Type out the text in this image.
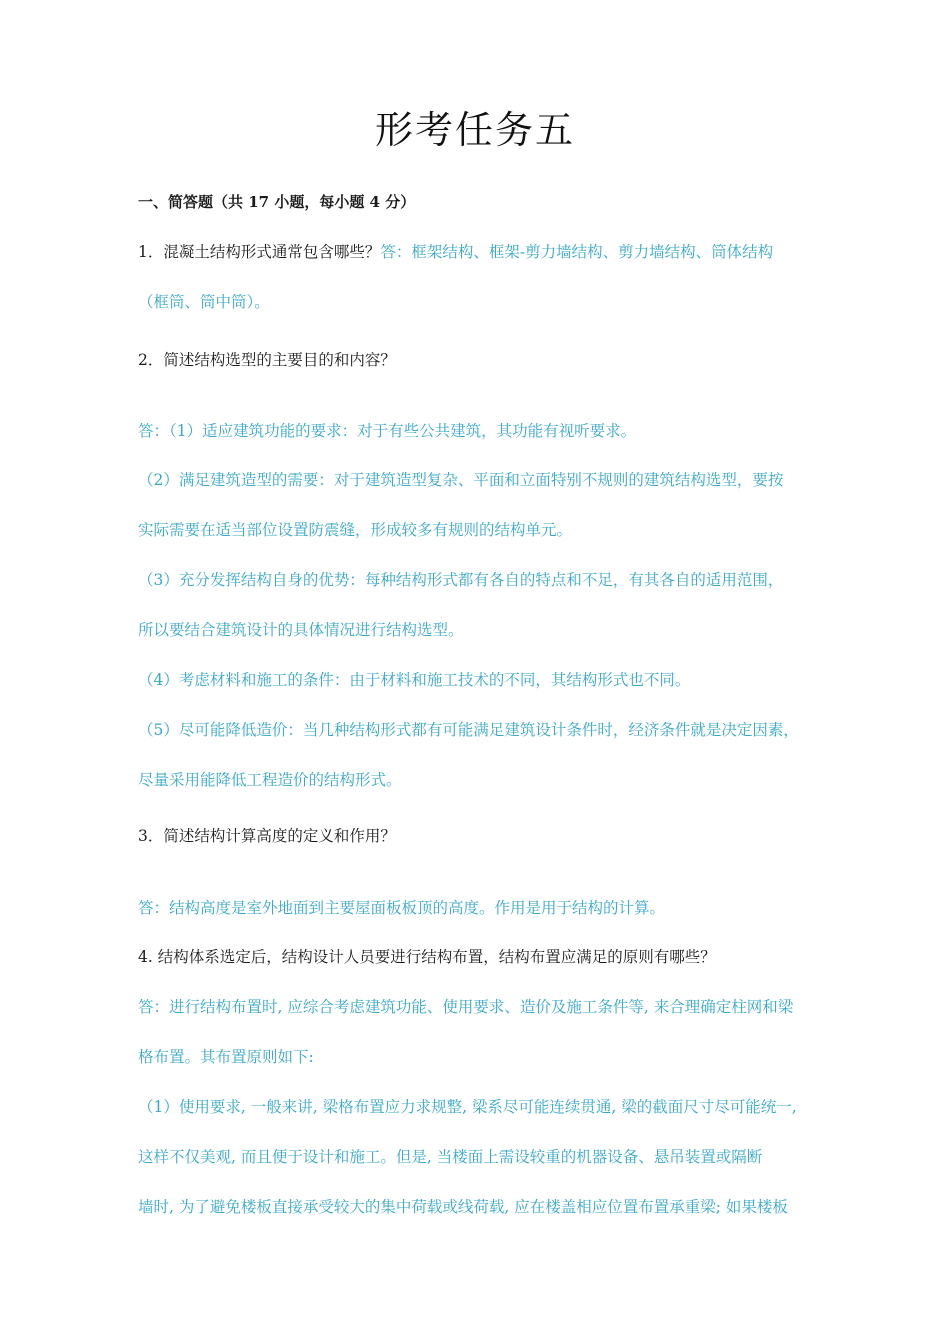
形考任务五
一、简答题（共 17 小题，每小题 4 分）
1．混凝土结构形式通常包含哪些？答：框架结构、框架-剪力墙结构、剪力墙结构、筒体结构
（框筒、筒中筒）。
2．简述结构选型的主要目的和内容？
答：（1）适应建筑功能的要求：对于有些公共建筑，其功能有视听要求。
（2）满足建筑造型的需要：对于建筑造型复杂、平面和立面特别不规则的建筑结构选型，要按
实际需要在适当部位设置防震缝，形成较多有规则的结构单元。
（3）充分发挥结构自身的优势：每种结构形式都有各自的特点和不足，有其各自的适用范围，
所以要结合建筑设计的具体情况进行结构选型。
（4）考虑材料和施工的条件：由于材料和施工技术的不同，其结构形式也不同。
（5）尽可能降低造价：当几种结构形式都有可能满足建筑设计条件时，经济条件就是决定因素，
尽量采用能降低工程造价的结构形式。
3．简述结构计算高度的定义和作用？
答：结构高度是室外地面到主要屋面板板顶的高度。作用是用于结构的计算。
4. 结构体系选定后，结构设计人员要进行结构布置，结构布置应满足的原则有哪些？
答：进行结构布置时, 应综合考虑建筑功能、使用要求、造价及施工条件等, 来合理确定柱网和梁
格布置。其布置原则如下:
（1）使用要求, 一般来讲, 梁格布置应力求规整, 梁系尽可能连续贯通, 梁的截面尺寸尽可能统一,
这样不仅美观, 而且便于设计和施工。但是, 当楼面上需设较重的机器设备、悬吊装置或隔断
墙时, 为了避免楼板直接承受较大的集中荷载或线荷载, 应在楼盖相应位置布置承重梁; 如果楼板
